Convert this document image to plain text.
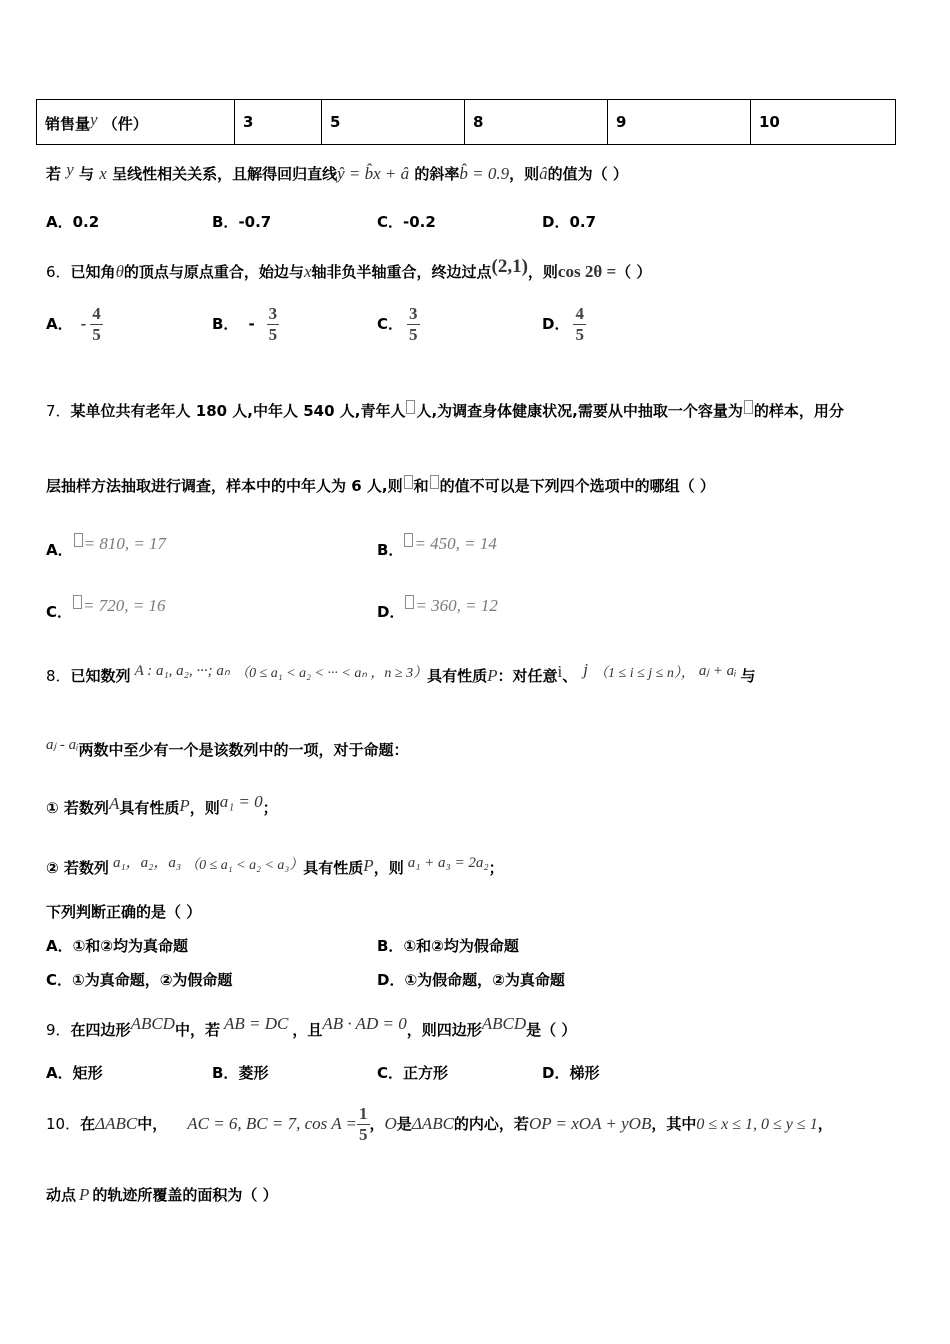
销售量y （件）	3	5	8	9	10
若 y 与 x 呈线性相关关系，且解得回归直线ŷ = b̂x + â 的斜率b̂ = 0.9，则â的值为（ ）
A．0.2	B．-0.7	C．-0.2	D．0.7
6．已知角θ的顶点与原点重合，始边与x轴非负半轴重合，终边过点(2,1)，则cos 2θ =（ ）
A． - $\frac{4}{5}$	B． - $\frac{3}{5}$	C． $\frac{3}{5}$	D． $\frac{4}{5}$
7．某单位共有老年人 180 人,中年人 540 人,青年人 人,为调查身体健康状况,需要从中抽取一个容量为 的样本，用分
层抽样方法抽取进行调查，样本中的中年人为 6 人,则 和 的值不可以是下列四个选项中的哪组（ ）
A． = 810, = 17	B． = 450, = 14
C． = 720, = 16	D． = 360, = 12
8．已知数列 A : a₁, a₂, ···; aₙ （0 ≤ a₁ < a₂ < ··· < aₙ ，n ≥ 3）具有性质P：对任意i、 j （1 ≤ i ≤ j ≤ n）， aⱼ + aᵢ 与
aⱼ - aᵢ两数中至少有一个是该数列中的一项，对于命题：
① 若数列A具有性质P，则a₁ = 0；
② 若数列 a₁，a₂，a₃ （0 ≤ a₁ < a₂ < a₃）具有性质P，则 a₁ + a₃ = 2a₂；
下列判断正确的是（ ）
A．①和②均为真命题	B．①和②均为假命题
C．①为真命题，②为假命题	D．①为假命题，②为真命题
9．在四边形ABCD中，若 AB = DC ，且AB · AD = 0，则四边形ABCD是（ ）
A．矩形	B．菱形	C．正方形	D．梯形
10．在ΔABC中， AC = 6, BC = 7, $\cos A = \frac{1}{5}$ ，O是ΔABC的内心，若OP = xOA + yOB，其中0 ≤ x ≤ 1, 0 ≤ y ≤ 1，
动点 P 的轨迹所覆盖的面积为（ ）
